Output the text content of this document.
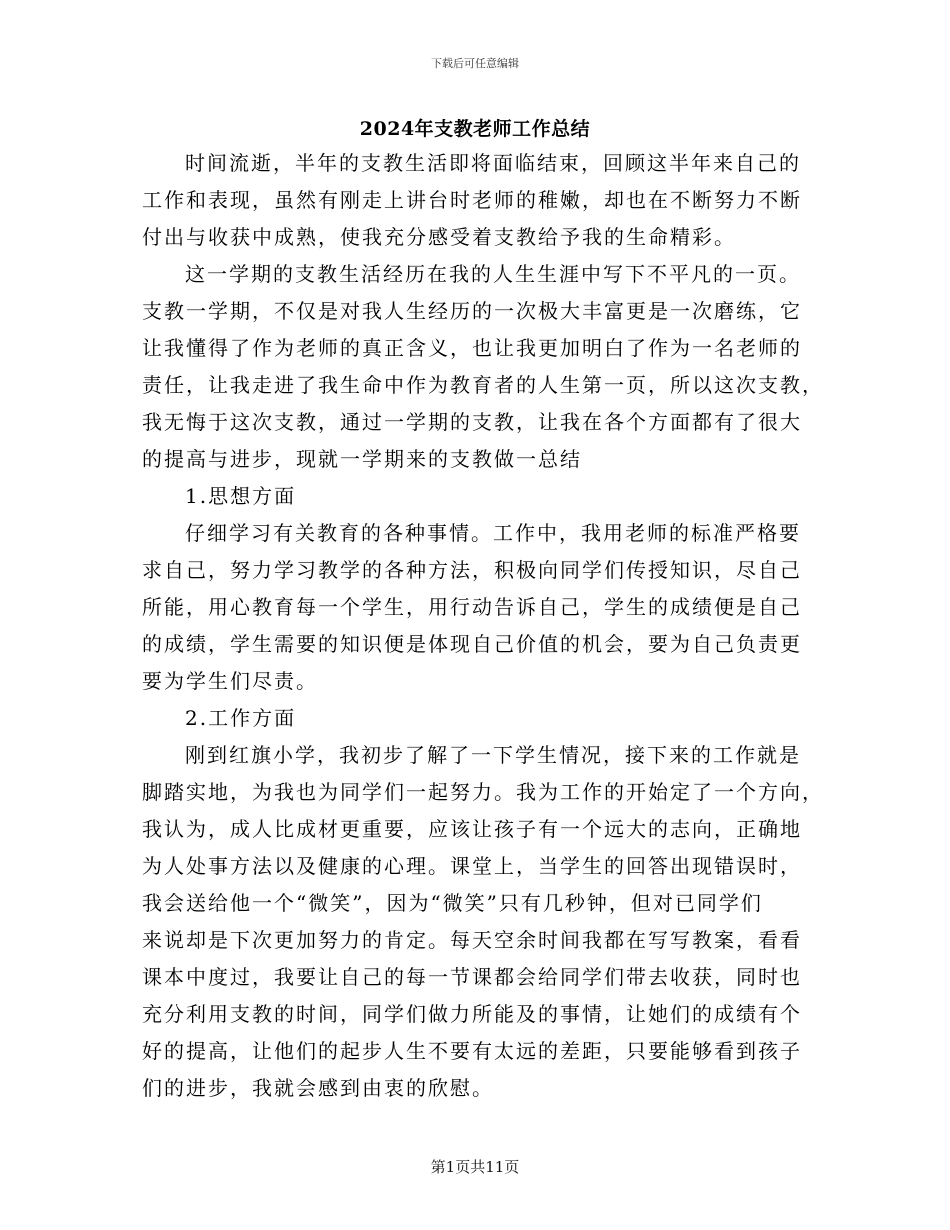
下载后可任意编辑
2024年支教老师工作总结
时间流逝，半年的支教生活即将面临结束，回顾这半年来自己的
工作和表现，虽然有刚走上讲台时老师的稚嫩，却也在不断努力不断
付出与收获中成熟，使我充分感受着支教给予我的生命精彩。
这一学期的支教生活经历在我的人生生涯中写下不平凡的一页。
支教一学期，不仅是对我人生经历的一次极大丰富更是一次磨练，它
让我懂得了作为老师的真正含义，也让我更加明白了作为一名老师的
责任，让我走进了我生命中作为教育者的人生第一页，所以这次支教，
我无悔于这次支教，通过一学期的支教，让我在各个方面都有了很大
的提高与进步，现就一学期来的支教做一总结
1.思想方面
仔细学习有关教育的各种事情。工作中，我用老师的标准严格要
求自己，努力学习教学的各种方法，积极向同学们传授知识，尽自己
所能，用心教育每一个学生，用行动告诉自己，学生的成绩便是自己
的成绩，学生需要的知识便是体现自己价值的机会，要为自己负责更
要为学生们尽责。
2.工作方面
刚到红旗小学，我初步了解了一下学生情况，接下来的工作就是
脚踏实地，为我也为同学们一起努力。我为工作的开始定了一个方向，
我认为，成人比成材更重要，应该让孩子有一个远大的志向，正确地
为人处事方法以及健康的心理。课堂上，当学生的回答出现错误时，
我会送给他一个“微笑”，因为“微笑”只有几秒钟，但对已同学们
来说却是下次更加努力的肯定。每天空余时间我都在写写教案，看看
课本中度过，我要让自己的每一节课都会给同学们带去收获，同时也
充分利用支教的时间，同学们做力所能及的事情，让她们的成绩有个
好的提高，让他们的起步人生不要有太远的差距，只要能够看到孩子
们的进步，我就会感到由衷的欣慰。
第1页共11页
